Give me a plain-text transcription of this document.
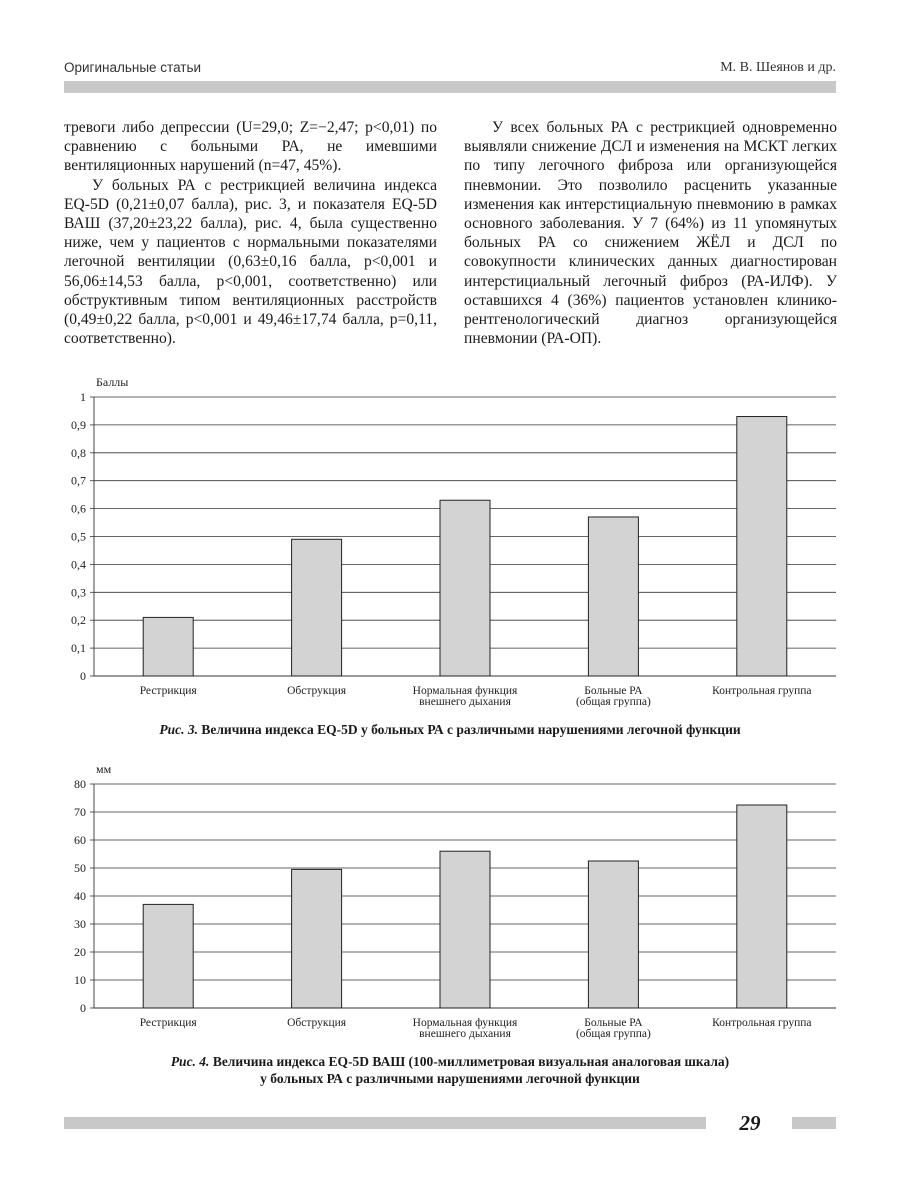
Оригинальные статьи	М. В. Шеянов и др.

тревоги либо депрессии (U=29,0; Z=−2,47; p<0,01) по сравнению с больными РА, не имевшими вентиляционных нарушений (n=47, 45%).

У больных РА с рестрикцией величина индекса EQ-5D (0,21±0,07 балла), рис. 3, и показателя EQ-5D ВАШ (37,20±23,22 балла), рис. 4, была существенно ниже, чем у пациентов с нормальными показателями легочной вентиляции (0,63±0,16 балла, p<0,001 и 56,06±14,53 балла, p<0,001, соответственно) или обструктивным типом вентиляционных расстройств (0,49±0,22 балла, p<0,001 и 49,46±17,74 балла, p=0,11, соответственно).

У всех больных РА с рестрикцией одновременно выявляли снижение ДСЛ и изменения на МСКТ легких по типу легочного фиброза или организующейся пневмонии. Это позволило расценить указанные изменения как интерстициальную пневмонию в рамках основного заболевания. У 7 (64%) из 11 упомянутых больных РА со снижением ЖЁЛ и ДСЛ по совокупности клинических данных диагностирован интерстициальный легочный фиброз (РА-ИЛФ). У оставшихся 4 (36%) пациентов установлен клинико-рентгенологический диагноз организующейся пневмонии (РА-ОП).

Баллы
0
0,1
0,2
0,3
0,4
0,5
0,6
0,7
0,8
0,9
1
Рестрикция	Обструкция	Нормальная функция
внешнего дыхания
Больные РА
(общая группа)
Контрольная группа
Рис. 3. Величина индекса EQ-5D у больных РА с различными нарушениями легочной функции
мм
0
10
20
30
40
50
60
70
80
Рестрикция	Обструкция	Нормальная функция
внешнего дыхания
Больные РА
(общая группа)
Контрольная группа
Рис. 4. Величина индекса EQ-5D ВАШ (100-миллиметровая визуальная аналоговая шкала)
у больных РА с различными нарушениями легочной функции
29
